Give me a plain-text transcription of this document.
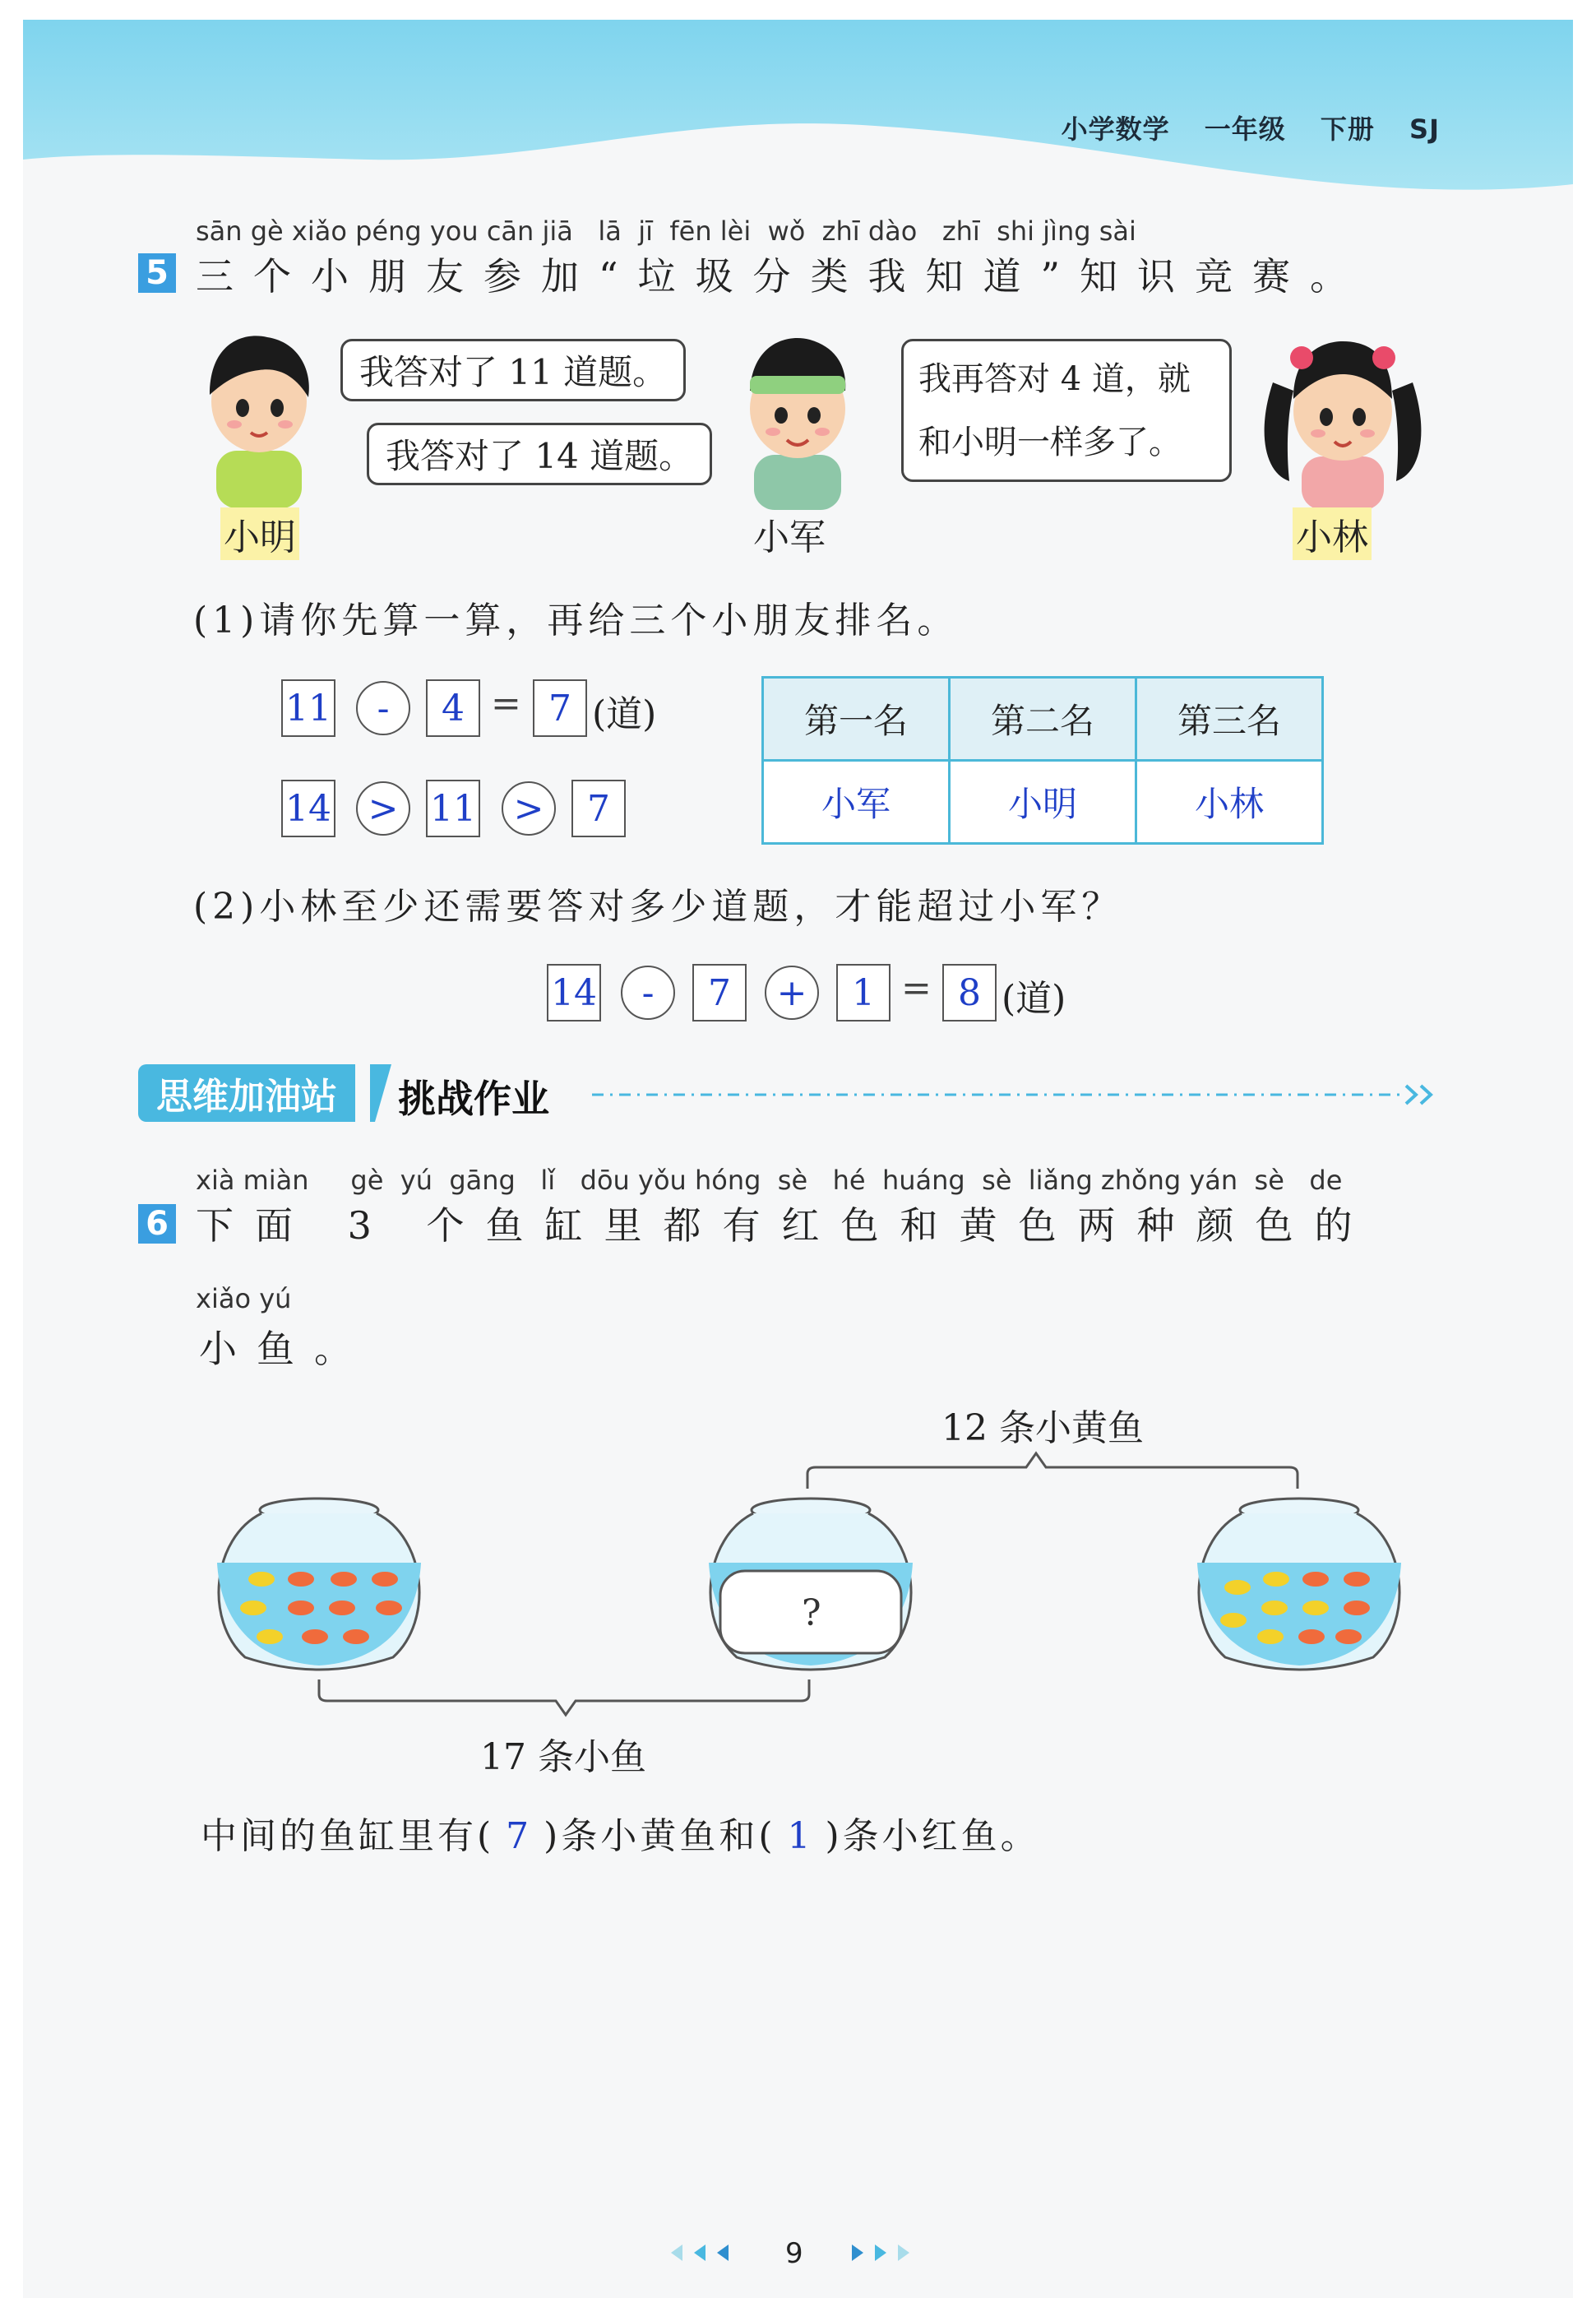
小学数学 一年级 下册 SJ
sān gè xiǎo péng you cān jiā   lā  jī  fēn lèi  wǒ  zhī dào   zhī  shi jìng sài
5 三个小朋友参加“垃圾分类我知道”知识竞赛。
我答对了 11 道题。
我答对了 14 道题。
我再答对 4 道，就
和小明一样多了。
小明	小军	小林
(1)请你先算一算，再给三个小朋友排名。
11	-	4 = 7 (道)
14	> 11	>	7
第一名	第二名	第三名
小军	小明	小林
(2)小林至少还需要答对多少道题，才能超过小军？
14	-	7	+	1 = 8 (道)
思维加油站	挑战作业
xià miàn     gè  yú  gāng   lǐ   dōu yǒu hóng  sè   hé  huáng  sè  liǎng zhǒng yán  sè   de
6 下面 3 个鱼缸里都有红色和黄色两种颜色的
xiǎo yú
小鱼。
12 条小黄鱼
?
17 条小鱼
中间的鱼缸里有( 7 )条小黄鱼和( 1 )条小红鱼。
9
